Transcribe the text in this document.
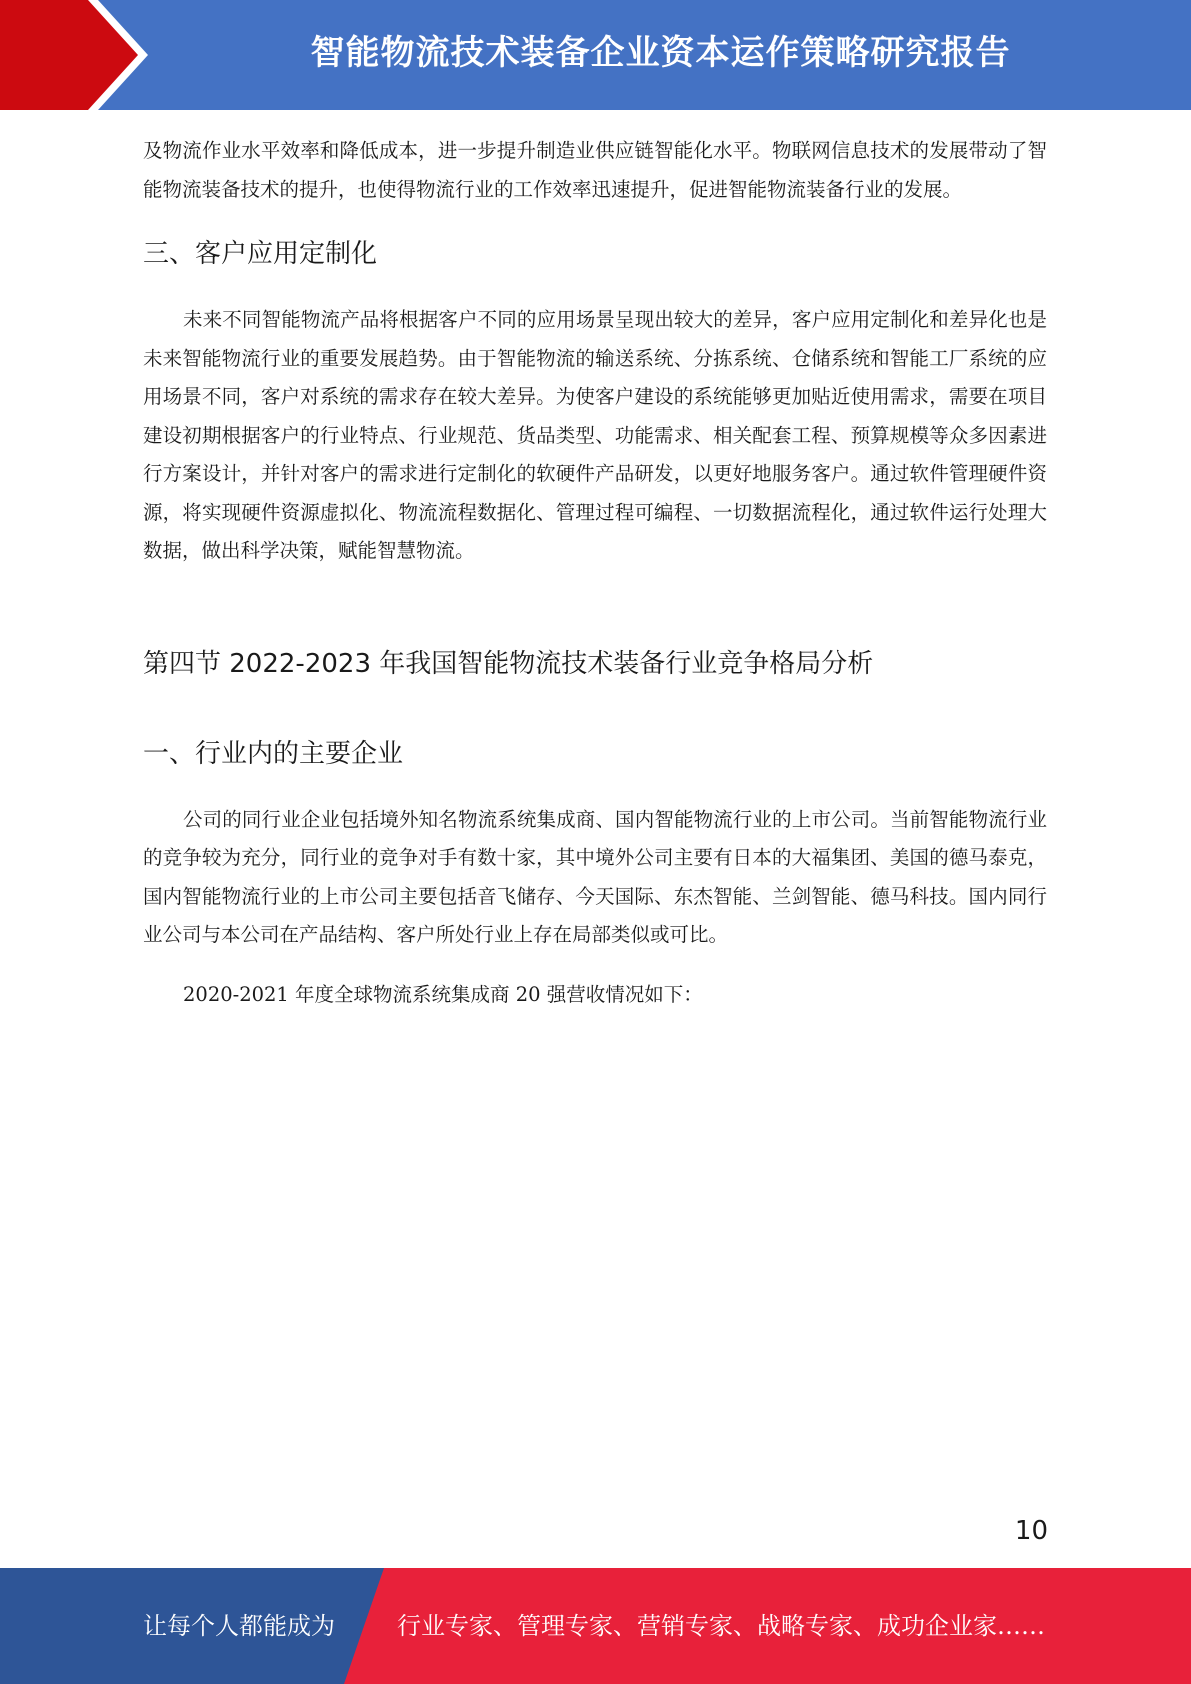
智能物流技术装备企业资本运作策略研究报告

及物流作业水平效率和降低成本，进一步提升制造业供应链智能化水平。物联网信息技术的发展带动了智能物流装备技术的提升，也使得物流行业的工作效率迅速提升，促进智能物流装备行业的发展。

三、客户应用定制化

未来不同智能物流产品将根据客户不同的应用场景呈现出较大的差异，客户应用定制化和差异化也是未来智能物流行业的重要发展趋势。由于智能物流的输送系统、分拣系统、仓储系统和智能工厂系统的应用场景不同，客户对系统的需求存在较大差异。为使客户建设的系统能够更加贴近使用需求，需要在项目建设初期根据客户的行业特点、行业规范、货品类型、功能需求、相关配套工程、预算规模等众多因素进行方案设计，并针对客户的需求进行定制化的软硬件产品研发，以更好地服务客户。通过软件管理硬件资源，将实现硬件资源虚拟化、物流流程数据化、管理过程可编程、一切数据流程化，通过软件运行处理大数据，做出科学决策，赋能智慧物流。

第四节 2022-2023 年我国智能物流技术装备行业竞争格局分析
一、行业内的主要企业

公司的同行业企业包括境外知名物流系统集成商、国内智能物流行业的上市公司。当前智能物流行业的竞争较为充分，同行业的竞争对手有数十家，其中境外公司主要有日本的大福集团、美国的德马泰克，国内智能物流行业的上市公司主要包括音飞储存、今天国际、东杰智能、兰剑智能、德马科技。国内同行业公司与本公司在产品结构、客户所处行业上存在局部类似或可比。

2020-2021 年度全球物流系统集成商 20 强营收情况如下：

10
让每个人都能成为	行业专家、管理专家、营销专家、战略专家、成功企业家……
